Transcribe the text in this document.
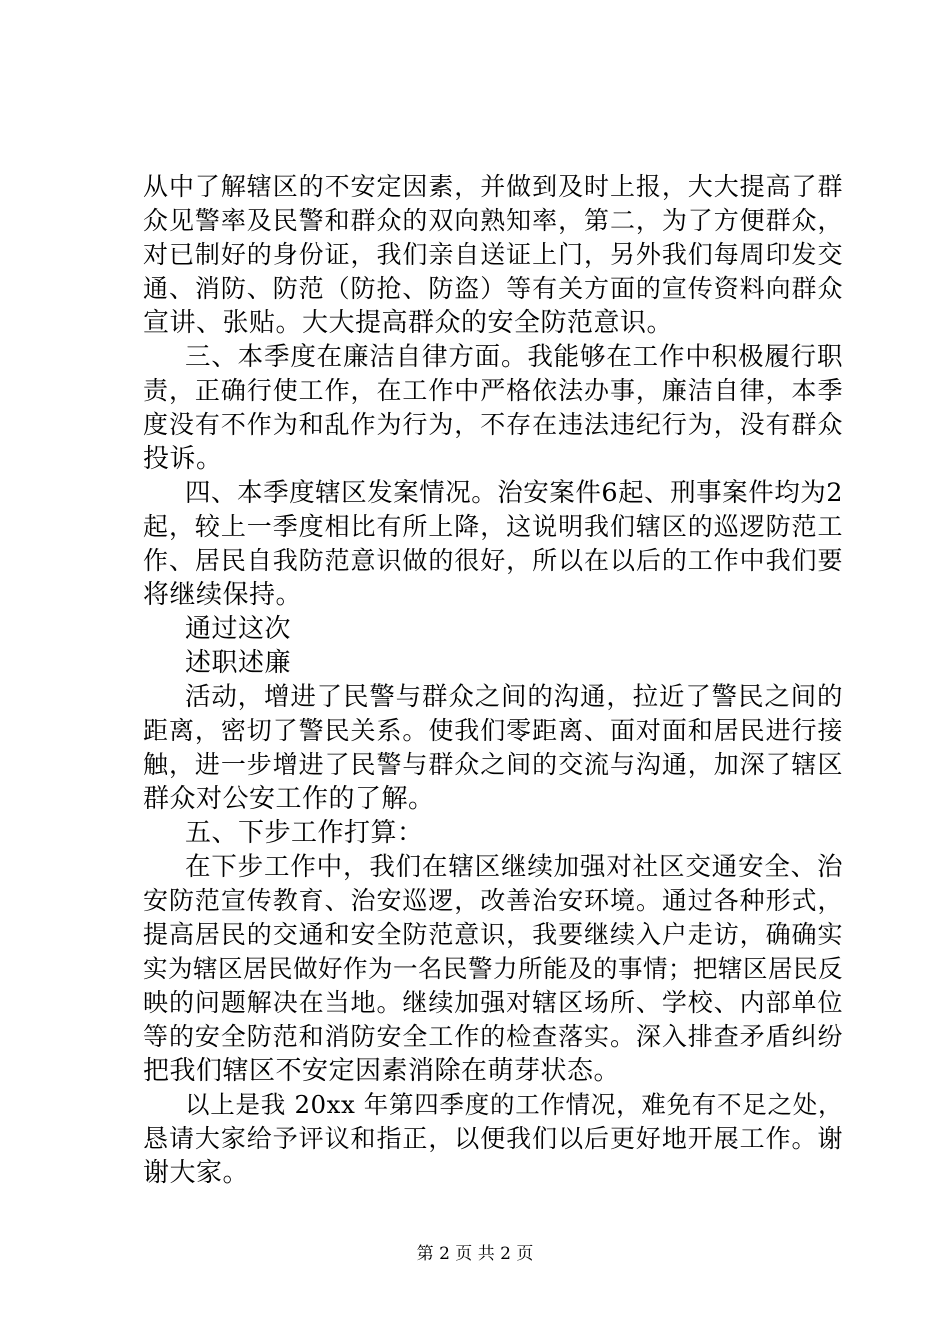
从中了解辖区的不安定因素，并做到及时上报，大大提高了群
众见警率及民警和群众的双向熟知率，第二，为了方便群众，
对已制好的身份证，我们亲自送证上门，另外我们每周印发交
通、消防、防范（防抢、防盗）等有关方面的宣传资料向群众
宣讲、张贴。大大提高群众的安全防范意识。
三、本季度在廉洁自律方面。我能够在工作中积极履行职
责，正确行使工作，在工作中严格依法办事，廉洁自律，本季
度没有不作为和乱作为行为，不存在违法违纪行为，没有群众
投诉。
四、本季度辖区发案情况。治安案件6起、刑事案件均为2
起，较上一季度相比有所上降，这说明我们辖区的巡逻防范工
作、居民自我防范意识做的很好，所以在以后的工作中我们要
将继续保持。
通过这次
述职述廉
活动，增进了民警与群众之间的沟通，拉近了警民之间的
距离，密切了警民关系。使我们零距离、面对面和居民进行接
触，进一步增进了民警与群众之间的交流与沟通，加深了辖区
群众对公安工作的了解。
五、下步工作打算：
在下步工作中，我们在辖区继续加强对社区交通安全、治
安防范宣传教育、治安巡逻，改善治安环境。通过各种形式，
提高居民的交通和安全防范意识，我要继续入户走访，确确实
实为辖区居民做好作为一名民警力所能及的事情；把辖区居民反
映的问题解决在当地。继续加强对辖区场所、学校、内部单位
等的安全防范和消防安全工作的检查落实。深入排查矛盾纠纷
把我们辖区不安定因素消除在萌芽状态。
以上是我 20xx 年第四季度的工作情况，难免有不足之处，
恳请大家给予评议和指正，以便我们以后更好地开展工作。谢
谢大家。
第 2 页 共 2 页
